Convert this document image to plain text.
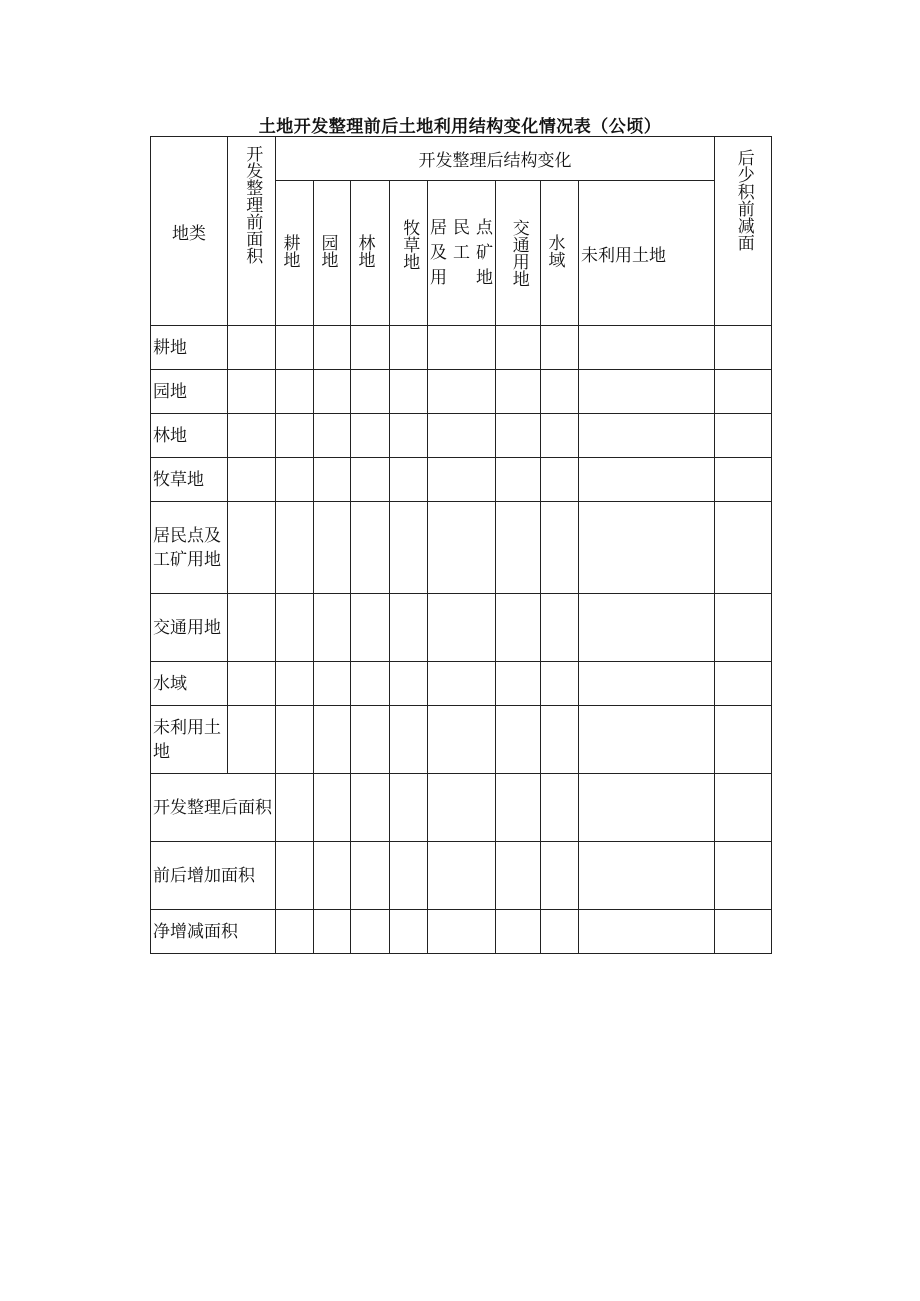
土地开发整理前后土地利用结构变化情况表（公顷）
地类	开发整理前面积	开发整理后结构变化								后少积前减面
		耕地	园地	林地	牧草地	居民点及工矿用地	交通用地	水域	未利用土地	
耕地										
园地										
林地										
牧草地										
居民点及工矿用地										
交通用地										
水域										
未利用土地										
开发整理后面积										
前后增加面积										
净增减面积										
